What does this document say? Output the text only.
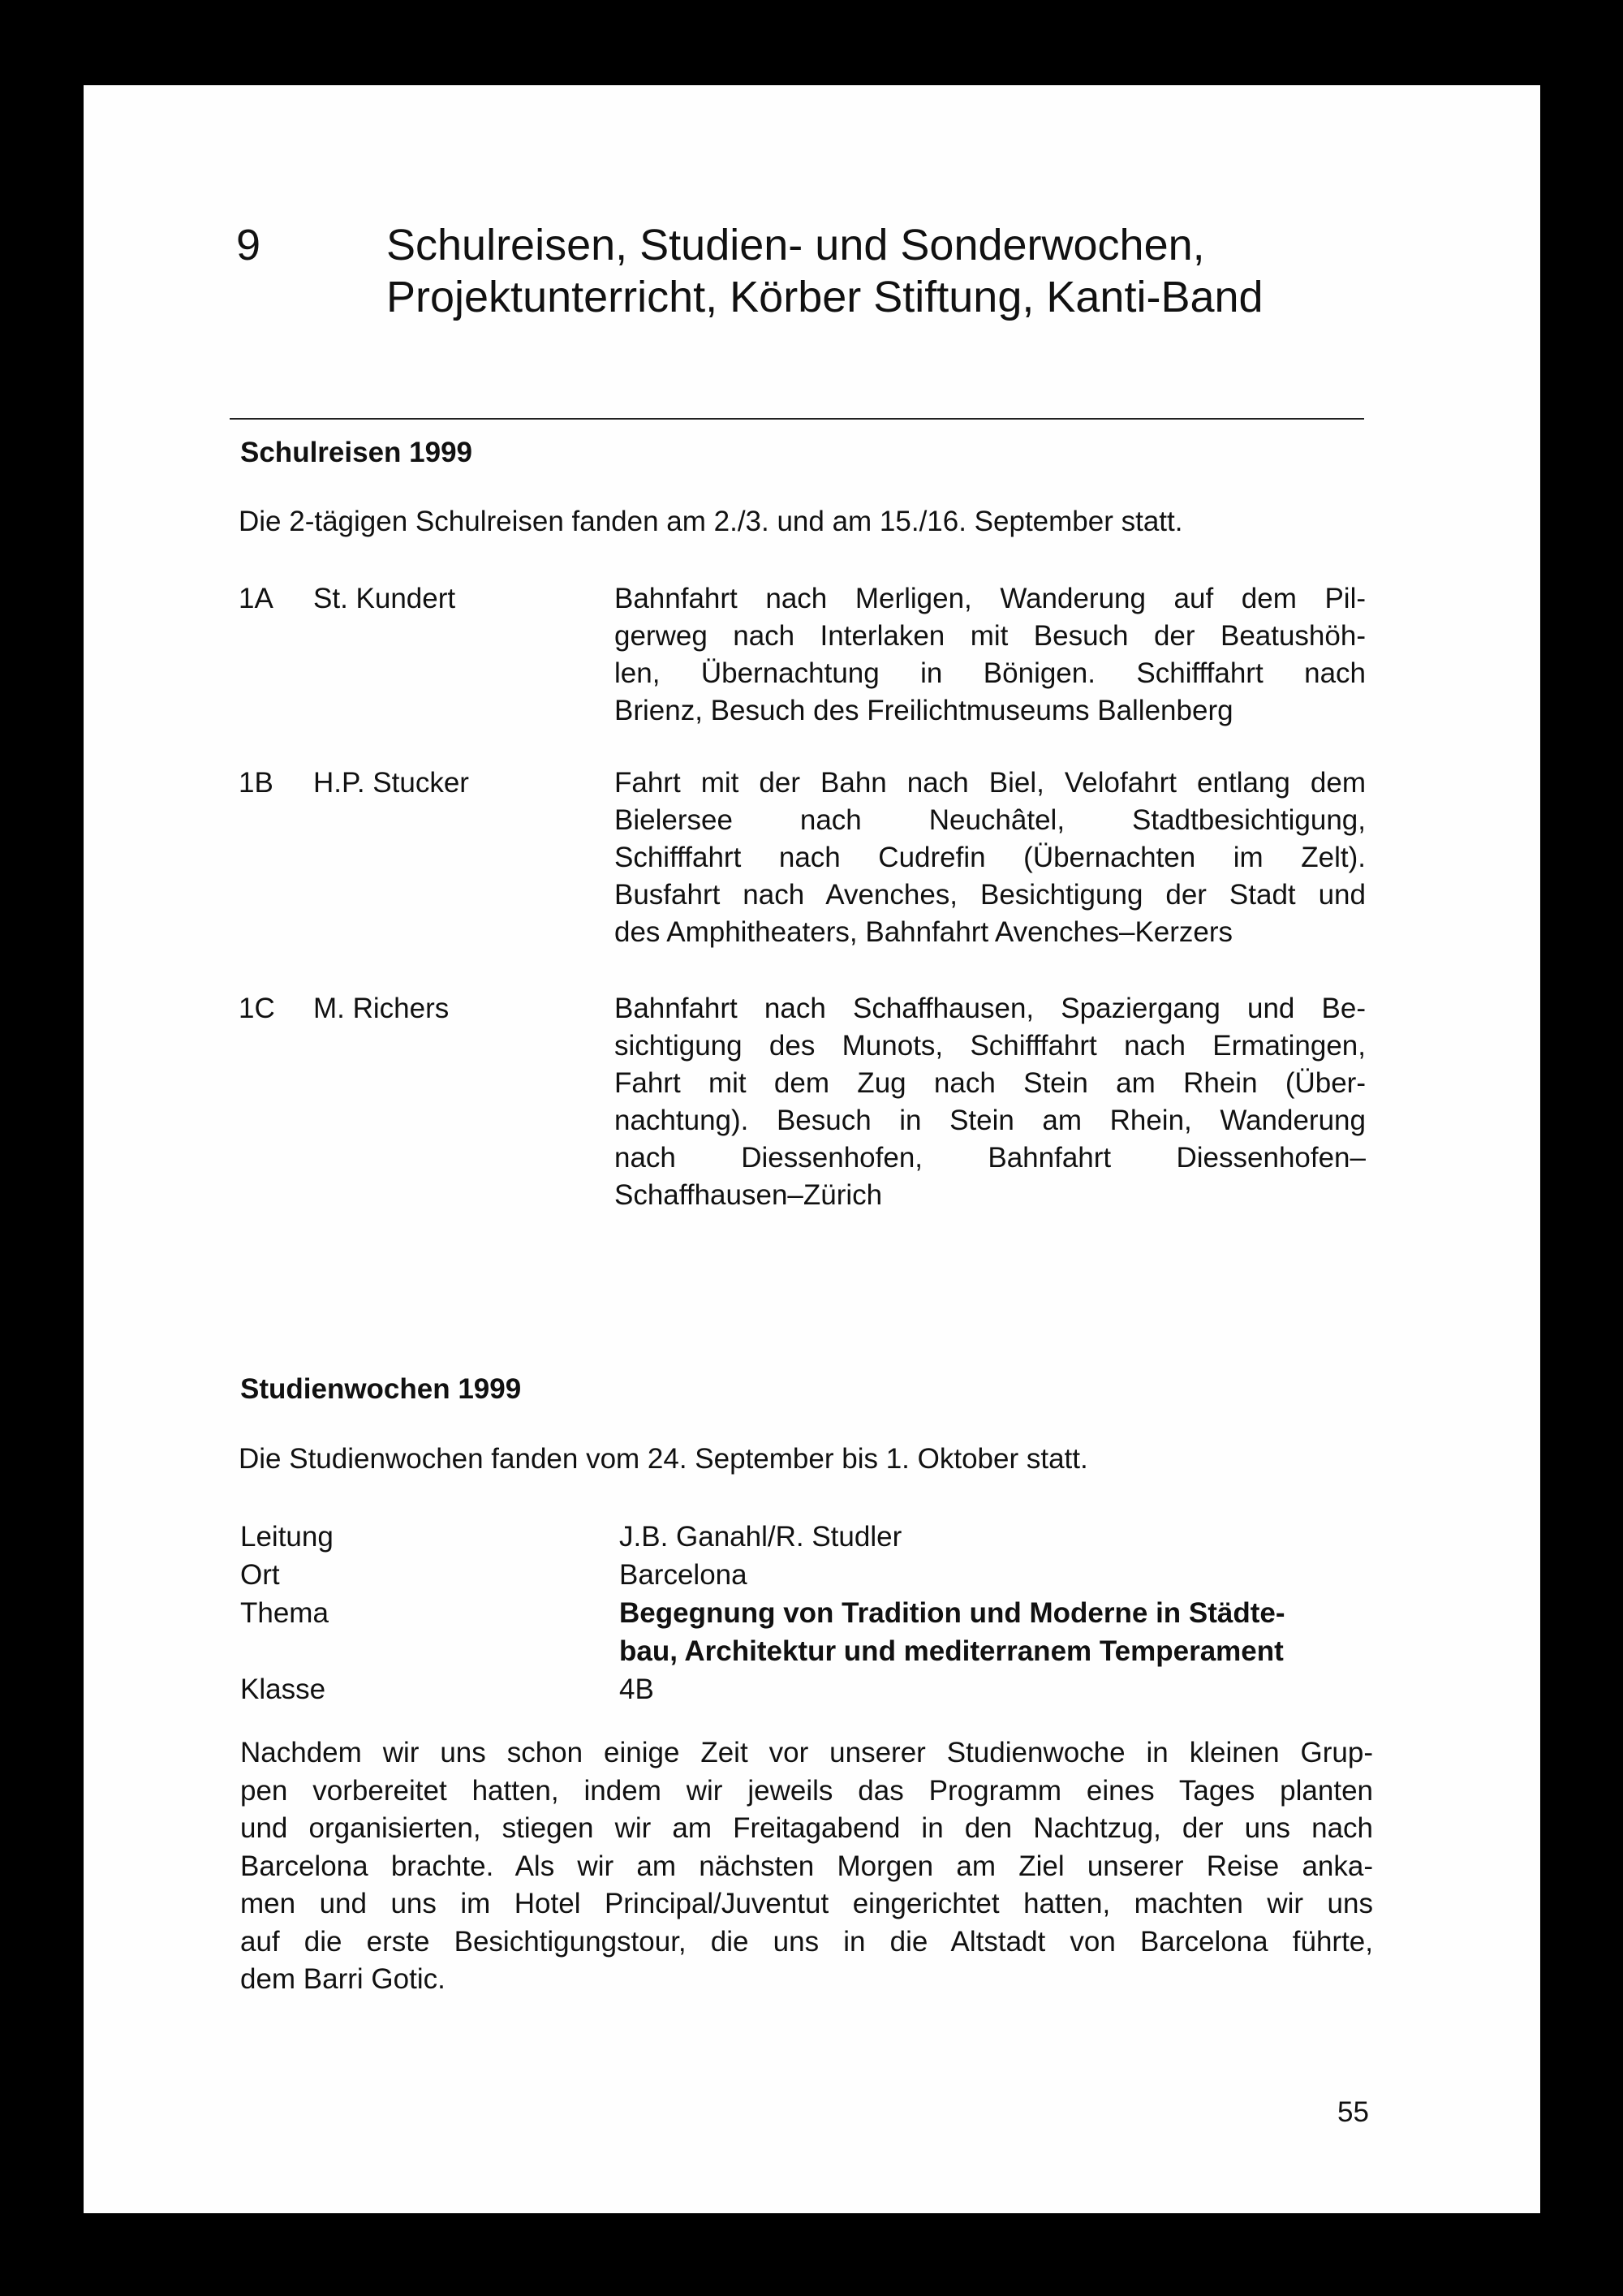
9	Schulreisen, Studien- und Sonderwochen,
Projektunterricht, Körber Stiftung, Kanti-Band
Schulreisen 1999
Die 2-tägigen Schulreisen fanden am 2./3. und am 15./16. September statt.
1A St. Kundert	Bahnfahrt nach Merligen, Wanderung auf dem Pil-
gerweg nach Interlaken mit Besuch der Beatushöh-
len, Übernachtung in Bönigen. Schifffahrt nach
Brienz, Besuch des Freilichtmuseums Ballenberg
1B H.P. Stucker	Fahrt mit der Bahn nach Biel, Velofahrt entlang dem
Bielersee nach Neuchâtel, Stadtbesichtigung,
Schifffahrt nach Cudrefin (Übernachten im Zelt).
Busfahrt nach Avenches, Besichtigung der Stadt und
des Amphitheaters, Bahnfahrt Avenches–Kerzers
1C M. Richers	Bahnfahrt nach Schaffhausen, Spaziergang und Be-
sichtigung des Munots, Schifffahrt nach Ermatingen,
Fahrt mit dem Zug nach Stein am Rhein (Über-
nachtung). Besuch in Stein am Rhein, Wanderung
nach Diessenhofen, Bahnfahrt Diessenhofen–
Schaffhausen–Zürich
Studienwochen 1999
Die Studienwochen fanden vom 24. September bis 1. Oktober statt.
Leitung	J.B. Ganahl/R. Studler
Ort	Barcelona
Thema	Begegnung von Tradition und Moderne in Städte-
bau, Architektur und mediterranem Temperament
Klasse	4B
Nachdem wir uns schon einige Zeit vor unserer Studienwoche in kleinen Grup-
pen vorbereitet hatten, indem wir jeweils das Programm eines Tages planten
und organisierten, stiegen wir am Freitagabend in den Nachtzug, der uns nach
Barcelona brachte. Als wir am nächsten Morgen am Ziel unserer Reise anka-
men und uns im Hotel Principal/Juventut eingerichtet hatten, machten wir uns
auf die erste Besichtigungstour, die uns in die Altstadt von Barcelona führte,
dem Barri Gotic.
55
